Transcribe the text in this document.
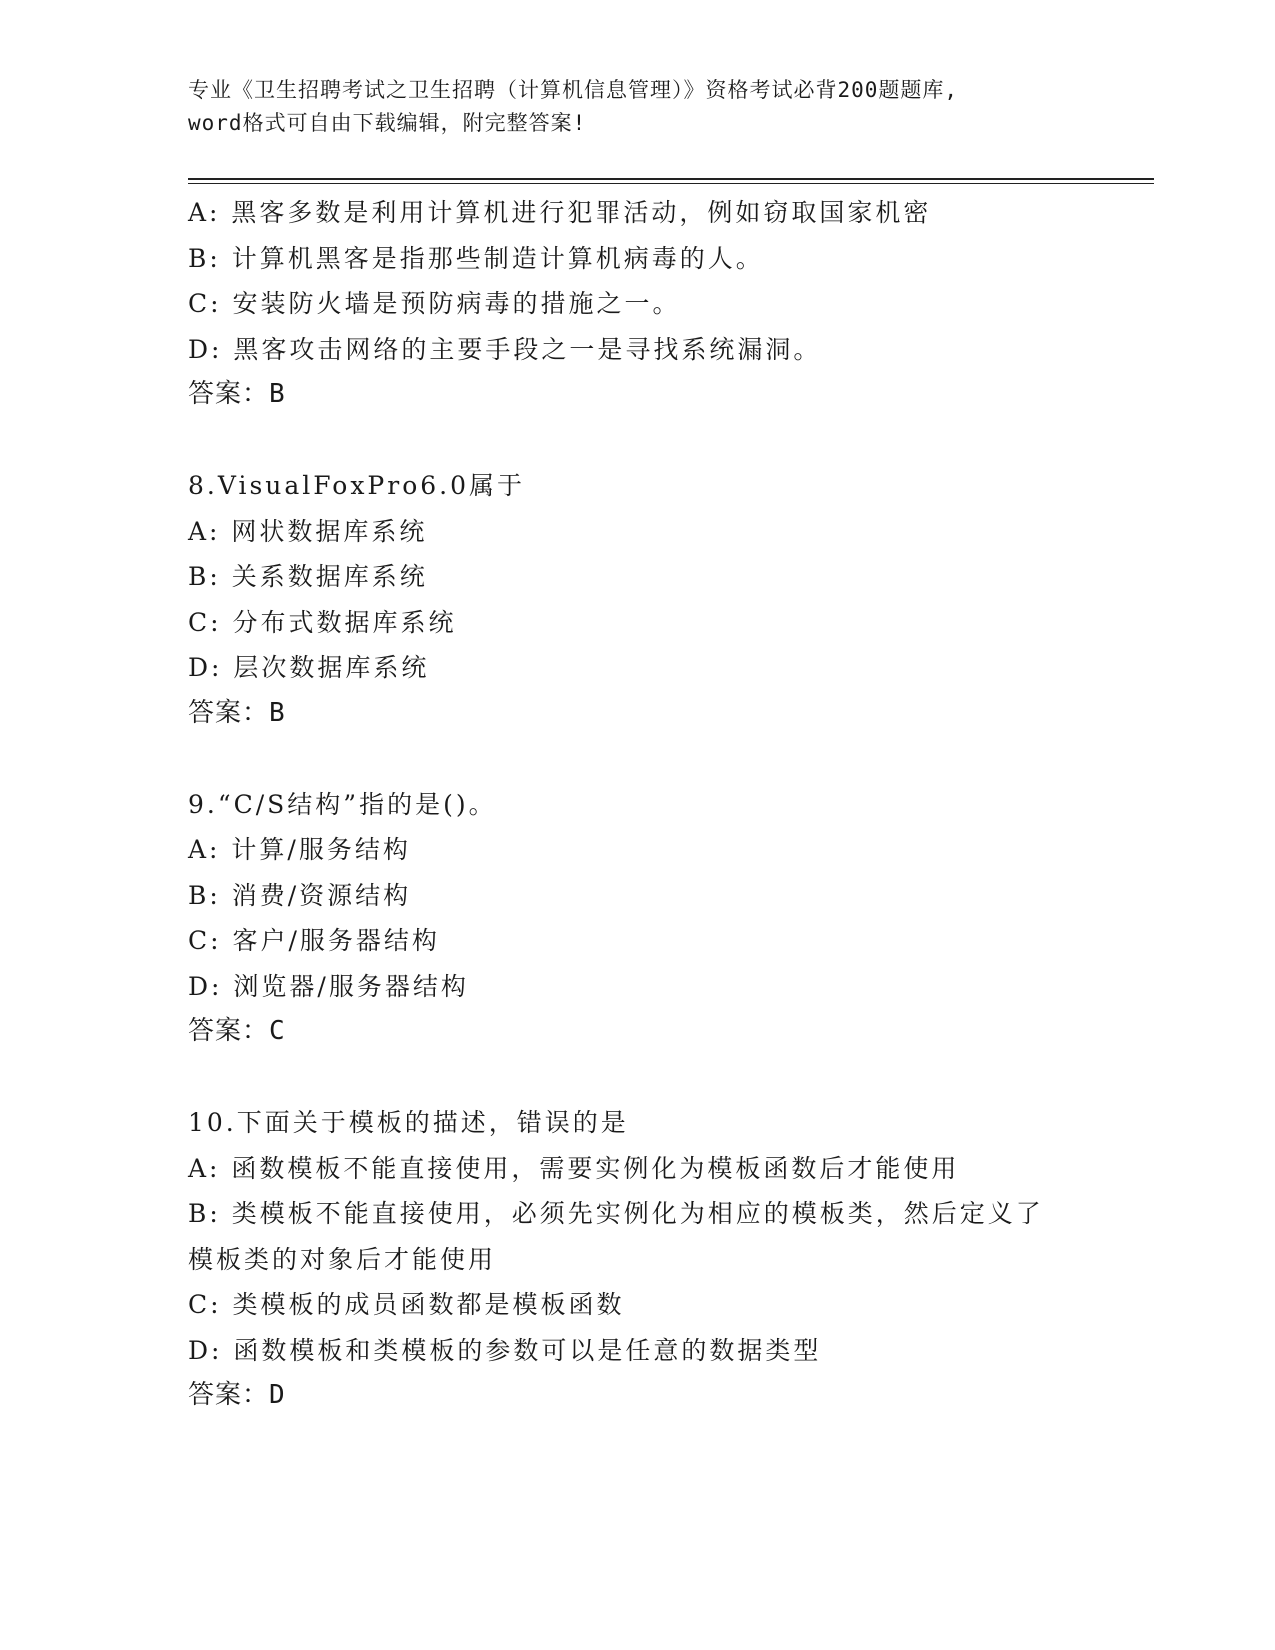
专业《卫生招聘考试之卫生招聘（计算机信息管理）》资格考试必背200题题库,
word格式可自由下载编辑，附完整答案!
A: 黑客多数是利用计算机进行犯罪活动，例如窃取国家机密
B: 计算机黑客是指那些制造计算机病毒的人。
C: 安装防火墙是预防病毒的措施之一。
D: 黑客攻击网络的主要手段之一是寻找系统漏洞。
答案：B
8.VisualFoxPro6.0属于
A: 网状数据库系统
B: 关系数据库系统
C: 分布式数据库系统
D: 层次数据库系统
答案：B
9.“C/S结构”指的是()。
A: 计算/服务结构
B: 消费/资源结构
C: 客户/服务器结构
D: 浏览器/服务器结构
答案：C
10.下面关于模板的描述，错误的是
A: 函数模板不能直接使用，需要实例化为模板函数后才能使用
B: 类模板不能直接使用，必须先实例化为相应的模板类，然后定义了
模板类的对象后才能使用
C: 类模板的成员函数都是模板函数
D: 函数模板和类模板的参数可以是任意的数据类型
答案：D
